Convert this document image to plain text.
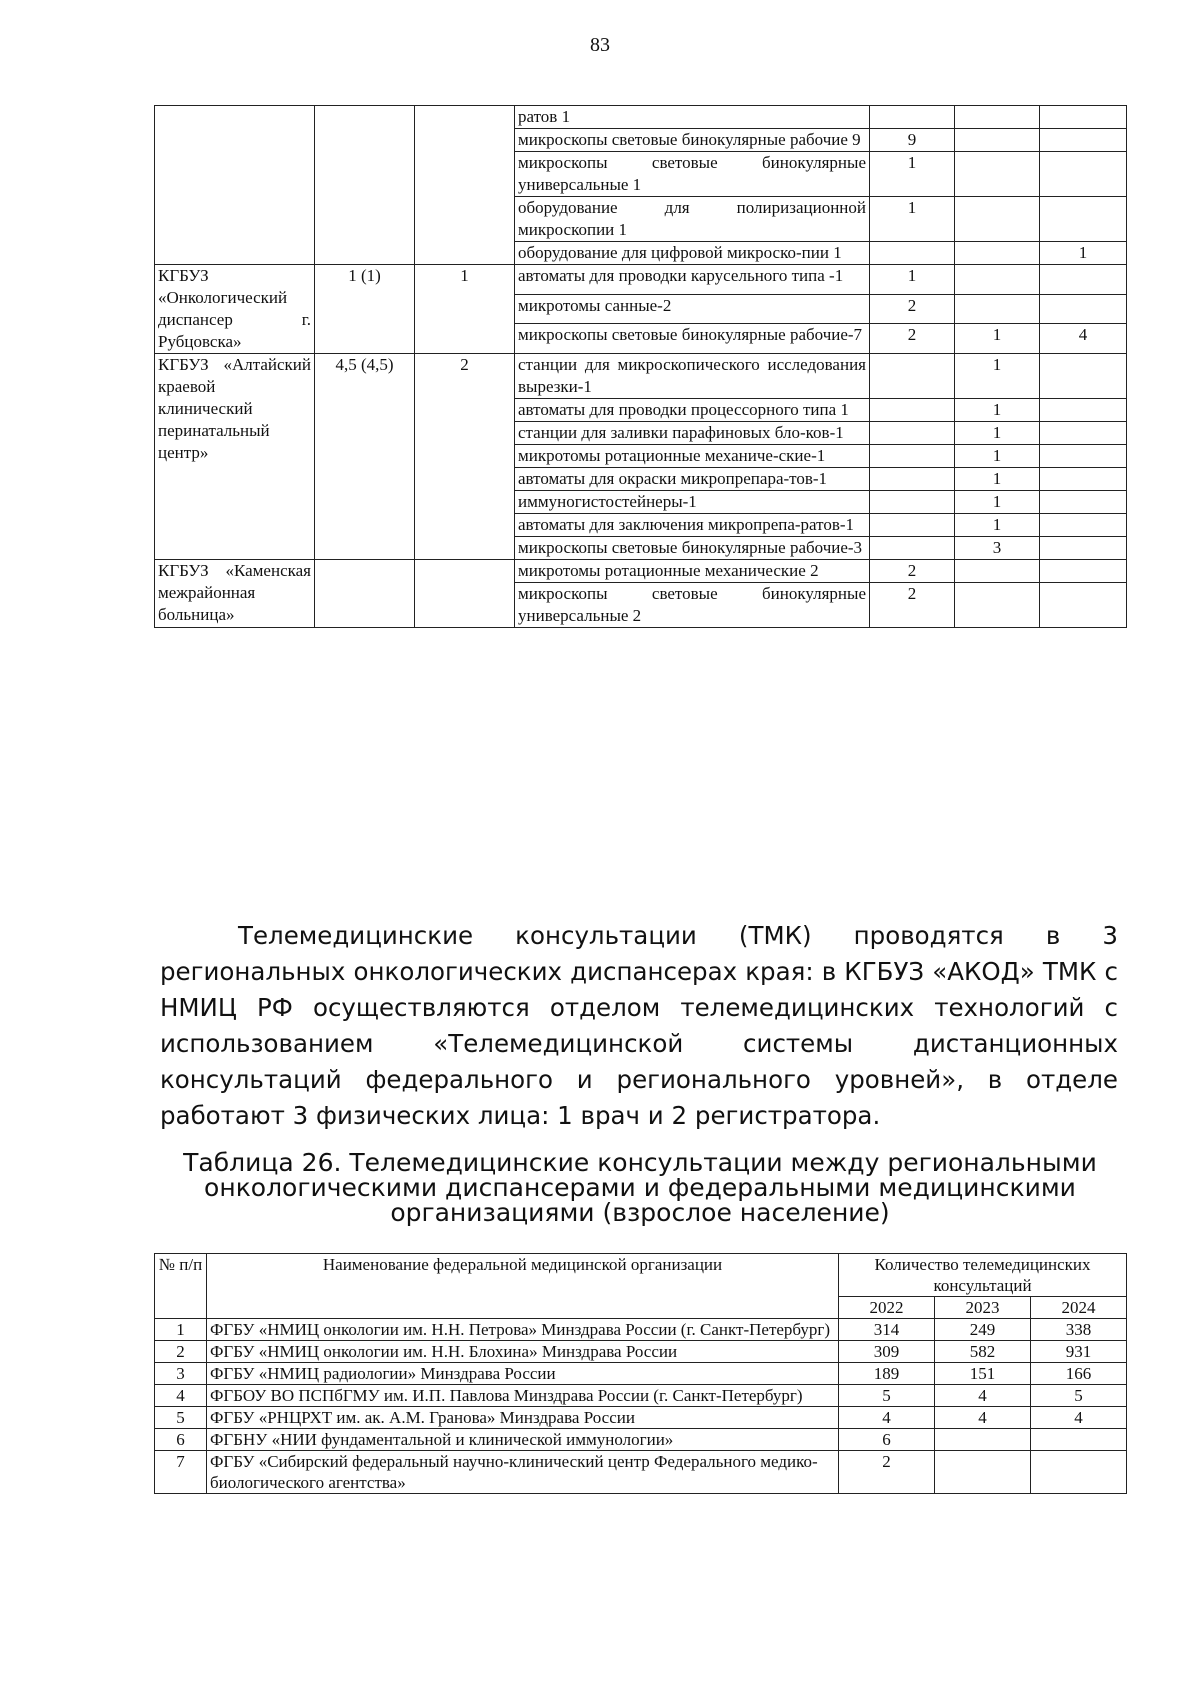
83
			ратов 1			
			микроскопы световые бинокулярные рабочие 9	9		
			микроскопы световые бинокулярные универсальные 1	1		
			оборудование для полиризационной микроскопии 1	1		
			оборудование для цифровой микроско-пии 1			1
КГБУЗ «Онкологический диспансер г. Рубцовска»	1 (1)	1	автоматы для проводки карусельного типа -1	1		
			микротомы санные-2	2		
			микроскопы световые бинокулярные рабочие-7	2	1	4
КГБУЗ «Алтайский краевой клинический перинатальный центр»	4,5 (4,5)	2	станции для микроскопического исследования вырезки-1		1	
			автоматы для проводки процессорного типа 1		1	
			станции для заливки парафиновых бло-ков-1		1	
			микротомы ротационные механиче-ские-1		1	
			автоматы для окраски микропрепара-тов-1		1	
			иммуногистостейнеры-1		1	
			автоматы для заключения микропрепа-ратов-1		1	
			микроскопы световые бинокулярные рабочие-3		3	
КГБУЗ «Каменская межрайонная больница»			микротомы ротационные механические 2	2		
			микроскопы световые бинокулярные универсальные 2	2		
Телемедицинские консультации (ТМК) проводятся в 3 региональных онкологических диспансерах края: в КГБУЗ «АКОД» ТМК с НМИЦ РФ осуществляются отделом телемедицинских технологий с использованием «Телемедицинской системы дистанционных консультаций федерального и регионального уровней», в отделе работают 3 физических лица: 1 врач и 2 регистратора.
Таблица 26. Телемедицинские консультации между региональными онкологическими диспансерами и федеральными медицинскими организациями (взрослое население)
№ п/п	Наименование федеральной медицинской организации	Количество телемедицинских консультаций		
		2022	2023	2024
1	ФГБУ «НМИЦ онкологии им. Н.Н. Петрова» Минздрава России (г. Санкт-Петербург)	314	249	338
2	ФГБУ «НМИЦ онкологии им. Н.Н. Блохина» Минздрава России	309	582	931
3	ФГБУ «НМИЦ радиологии» Минздрава России	189	151	166
4	ФГБОУ ВО ПСПбГМУ им. И.П. Павлова Минздрава России (г. Санкт-Петербург)	5	4	5
5	ФГБУ «РНЦРХТ им. ак. А.М. Гранова» Минздрава России	4	4	4
6	ФГБНУ «НИИ фундаментальной и клинической иммунологии»	6		
7	ФГБУ «Сибирский федеральный научно-клинический центр Федерального медико-биологического агентства»	2		
